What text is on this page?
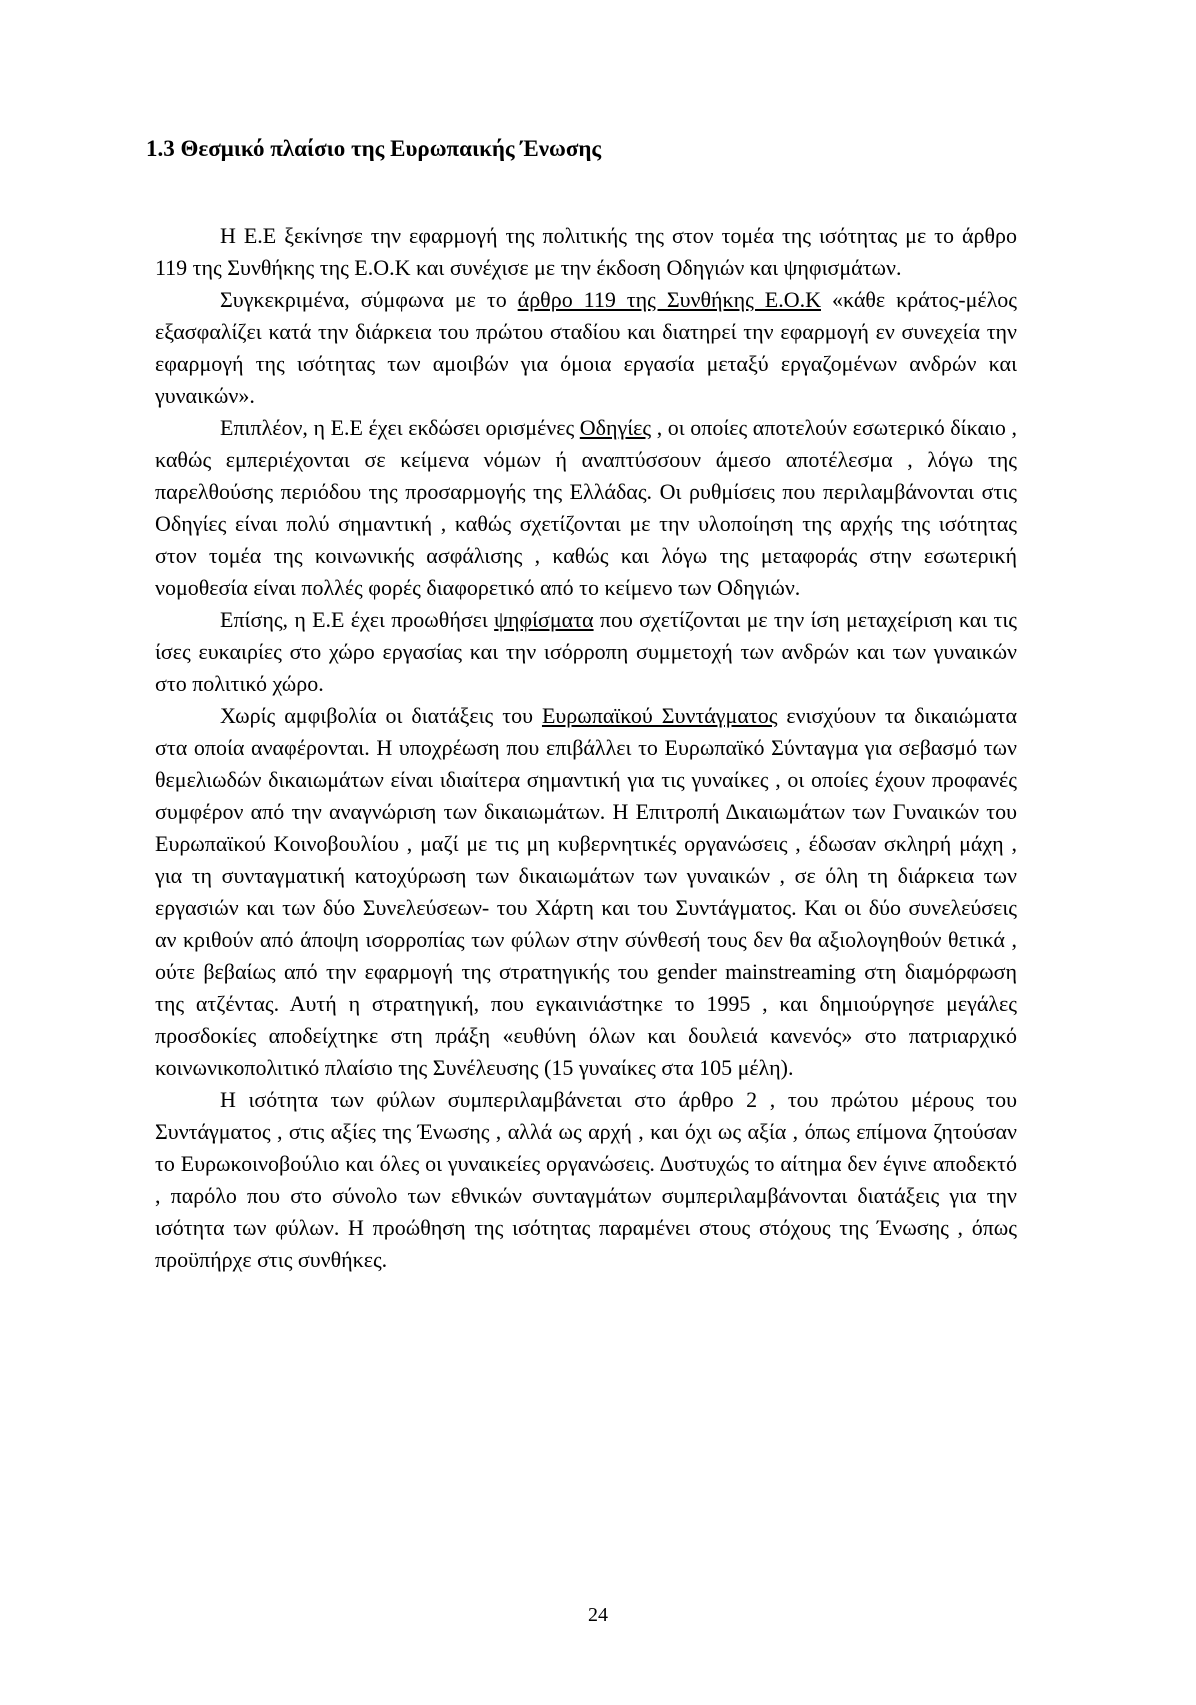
1.3 Θεσμικό πλαίσιο της Ευρωπαικής Ένωσης

Η Ε.Ε ξεκίνησε την εφαρμογή της πολιτικής της στον τομέα της ισότητας με το άρθρο 119 της Συνθήκης της Ε.Ο.Κ και συνέχισε με την έκδοση Οδηγιών και ψηφισμάτων.

Συγκεκριμένα, σύμφωνα με το άρθρο 119 της Συνθήκης Ε.Ο.Κ «κάθε κράτος-μέλος εξασφαλίζει κατά την διάρκεια του πρώτου σταδίου και διατηρεί την εφαρμογή εν συνεχεία την εφαρμογή της ισότητας των αμοιβών για όμοια εργασία μεταξύ εργαζομένων ανδρών και γυναικών».

Επιπλέον, η Ε.Ε έχει εκδώσει ορισμένες Οδηγίες , οι οποίες αποτελούν εσωτερικό δίκαιο , καθώς εμπεριέχονται σε κείμενα νόμων ή αναπτύσσουν άμεσο αποτέλεσμα , λόγω της παρελθούσης περιόδου της προσαρμογής της Ελλάδας. Οι ρυθμίσεις που περιλαμβάνονται στις Οδηγίες είναι πολύ σημαντική , καθώς σχετίζονται με την υλοποίηση της αρχής της ισότητας στον τομέα της κοινωνικής ασφάλισης , καθώς και λόγω της μεταφοράς στην εσωτερική νομοθεσία είναι πολλές φορές διαφορετικό από το κείμενο των Οδηγιών.

Επίσης, η Ε.Ε έχει προωθήσει ψηφίσματα που σχετίζονται με την ίση μεταχείριση και τις ίσες ευκαιρίες στο χώρο εργασίας και την ισόρροπη συμμετοχή των ανδρών και των γυναικών στο πολιτικό χώρο.

Χωρίς αμφιβολία οι διατάξεις του Ευρωπαϊκού Συντάγματος ενισχύουν τα δικαιώματα στα οποία αναφέρονται. Η υποχρέωση που επιβάλλει το Ευρωπαϊκό Σύνταγμα για σεβασμό των θεμελιωδών δικαιωμάτων είναι ιδιαίτερα σημαντική για τις γυναίκες , οι οποίες έχουν προφανές συμφέρον από την αναγνώριση των δικαιωμάτων. Η Επιτροπή Δικαιωμάτων των Γυναικών του Ευρωπαϊκού Κοινοβουλίου , μαζί με τις μη κυβερνητικές οργανώσεις , έδωσαν σκληρή μάχη , για τη συνταγματική κατοχύρωση των δικαιωμάτων των γυναικών , σε όλη τη διάρκεια των εργασιών και των δύο Συνελεύσεων- του Χάρτη και του Συντάγματος. Και οι δύο συνελεύσεις αν κριθούν από άποψη ισορροπίας των φύλων στην σύνθεσή τους δεν θα αξιολογηθούν θετικά , ούτε βεβαίως από την εφαρμογή της στρατηγικής του gender mainstreaming στη διαμόρφωση της ατζέντας. Αυτή η στρατηγική, που εγκαινιάστηκε το 1995 , και δημιούργησε μεγάλες προσδοκίες αποδείχτηκε στη πράξη «ευθύνη όλων και δουλειά κανενός» στο πατριαρχικό κοινωνικοπολιτικό πλαίσιο της Συνέλευσης (15 γυναίκες στα 105 μέλη).

Η ισότητα των φύλων συμπεριλαμβάνεται στο άρθρο 2 , του πρώτου μέρους του Συντάγματος , στις αξίες της Ένωσης , αλλά ως αρχή , και όχι ως αξία , όπως επίμονα ζητούσαν το Ευρωκοινοβούλιο και όλες οι γυναικείες οργανώσεις. Δυστυχώς το αίτημα δεν έγινε αποδεκτό , παρόλο που στο σύνολο των εθνικών συνταγμάτων συμπεριλαμβάνονται διατάξεις για την ισότητα των φύλων. Η προώθηση της ισότητας παραμένει στους στόχους της Ένωσης , όπως προϋπήρχε στις συνθήκες.

24
